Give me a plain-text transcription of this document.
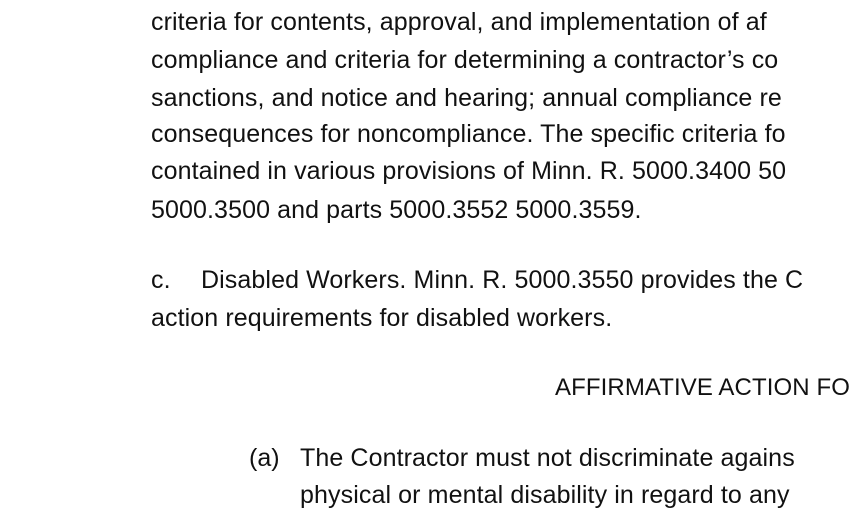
criteria for contents, approval, and implementation of af
compliance and criteria for determining a contractor’s co
sanctions, and notice and hearing; annual compliance re
consequences for noncompliance. The specific criteria fo
contained in various provisions of Minn. R. 5000.3400 50
5000.3500 and parts 5000.3552 5000.3559.
c. Disabled Workers. Minn. R. 5000.3550 provides the C
action requirements for disabled workers.
AFFIRMATIVE ACTION FO
(a) The Contractor must not discriminate agains
physical or mental disability in regard to any
